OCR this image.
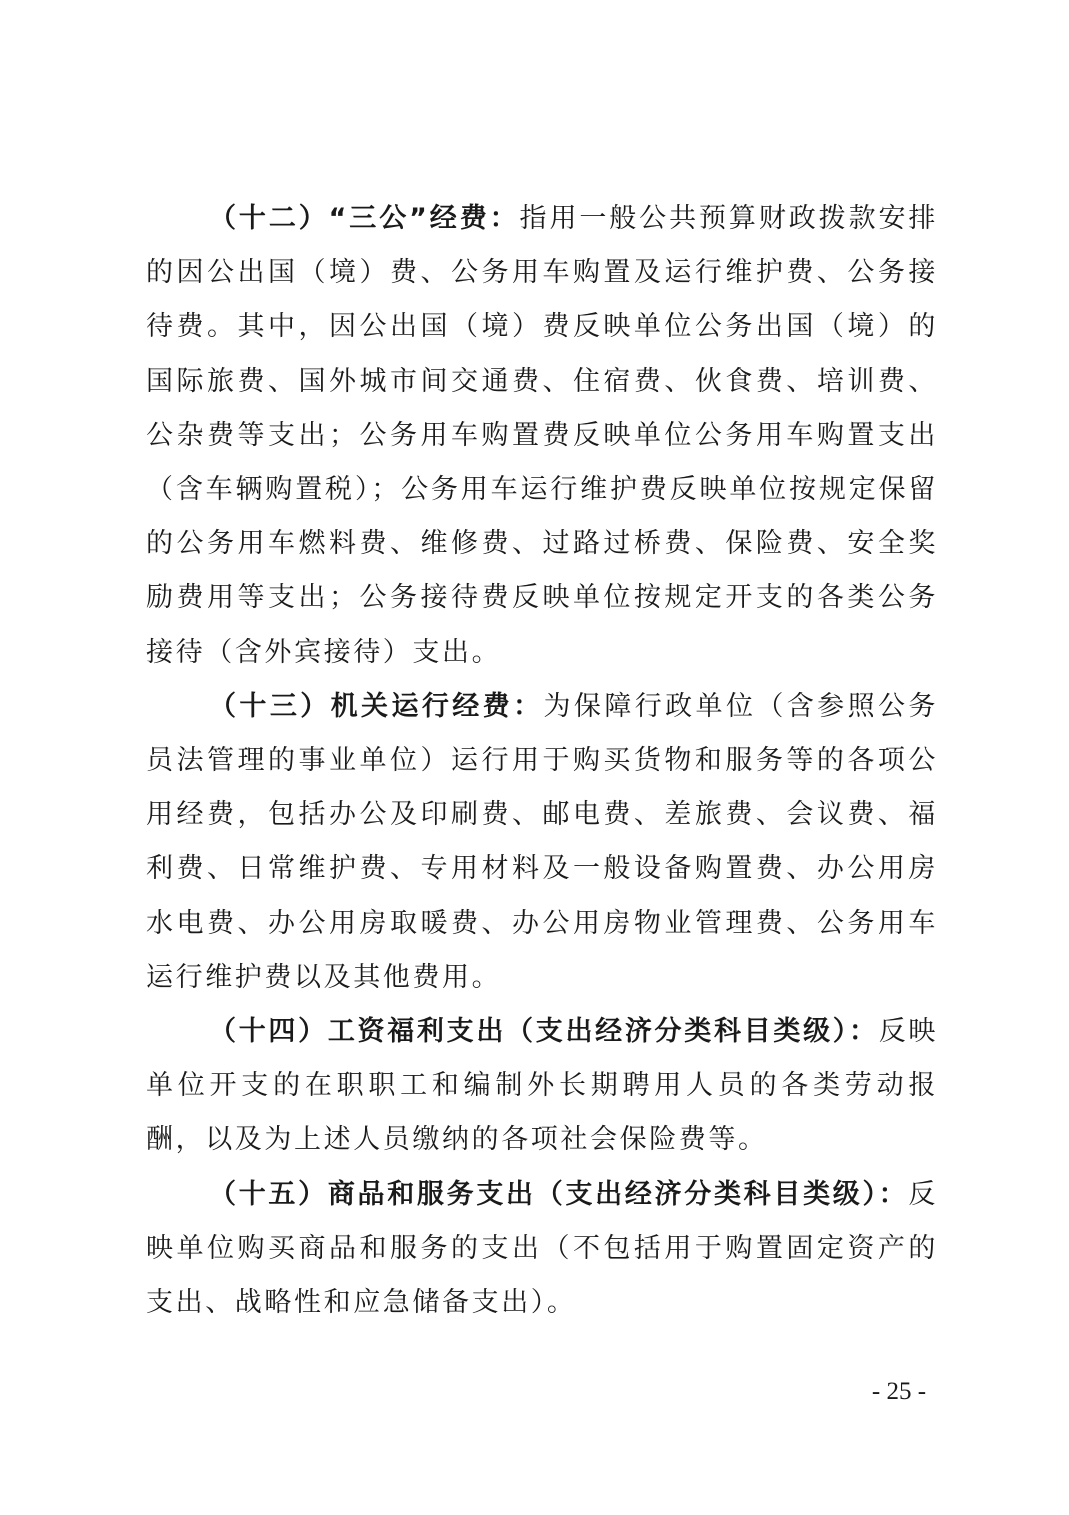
（十二）“三公”经费：指用一般公共预算财政拨款安排的因公出国（境）费、公务用车购置及运行维护费、公务接待费。其中，因公出国（境）费反映单位公务出国（境）的国际旅费、国外城市间交通费、住宿费、伙食费、培训费、公杂费等支出；公务用车购置费反映单位公务用车购置支出（含车辆购置税）；公务用车运行维护费反映单位按规定保留的公务用车燃料费、维修费、过路过桥费、保险费、安全奖励费用等支出；公务接待费反映单位按规定开支的各类公务接待（含外宾接待）支出。

（十三）机关运行经费：为保障行政单位（含参照公务员法管理的事业单位）运行用于购买货物和服务等的各项公用经费，包括办公及印刷费、邮电费、差旅费、会议费、福利费、日常维护费、专用材料及一般设备购置费、办公用房水电费、办公用房取暖费、办公用房物业管理费、公务用车运行维护费以及其他费用。

（十四）工资福利支出（支出经济分类科目类级）：反映单位开支的在职职工和编制外长期聘用人员的各类劳动报酬，以及为上述人员缴纳的各项社会保险费等。

（十五）商品和服务支出（支出经济分类科目类级）：反映单位购买商品和服务的支出（不包括用于购置固定资产的支出、战略性和应急储备支出）。

- 25 -
